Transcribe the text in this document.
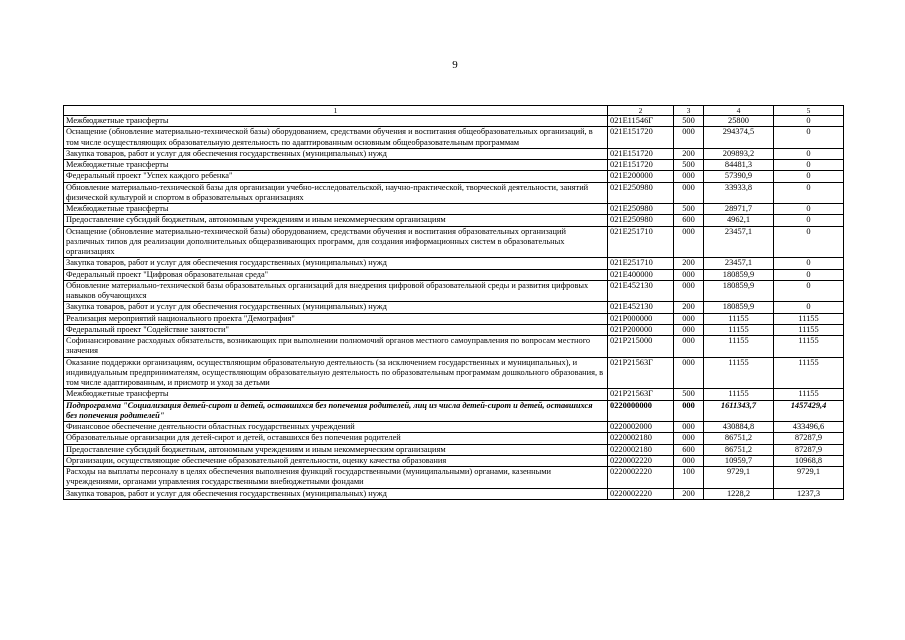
9
1	2	3	4	5
Межбюджетные трансферты	021E11546Г	500	25800	0
Оснащение (обновление материально-технической базы) оборудованием, средствами обучения и воспитания общеобразовательных организаций, в том числе осуществляющих образовательную деятельность по адаптированным основным общеобразовательным программам	021E151720	000	294374,5	0
Закупка товаров, работ и услуг для обеспечения государственных (муниципальных) нужд	021E151720	200	209893,2	0
Межбюджетные трансферты	021E151720	500	84481,3	0
Федеральный проект "Успех каждого ребенка"	021E200000	000	57390,9	0
Обновление материально-технической базы для организации учебно-исследовательской, научно-практической, творческой деятельности, занятий физической культурой и спортом в образовательных организациях	021E250980	000	33933,8	0
Межбюджетные трансферты	021E250980	500	28971,7	0
Предоставление субсидий бюджетным, автономным учреждениям и иным некоммерческим организациям	021E250980	600	4962,1	0
Оснащение (обновление материально-технической базы) оборудованием, средствами обучения и воспитания образовательных организаций различных типов для реализации дополнительных общеразвивающих программ, для создания информационных систем в образовательных организациях	021E251710	000	23457,1	0
Закупка товаров, работ и услуг для обеспечения государственных (муниципальных) нужд	021E251710	200	23457,1	0
Федеральный проект "Цифровая образовательная среда"	021E400000	000	180859,9	0
Обновление материально-технической базы образовательных организаций для внедрения цифровой образовательной среды и развития цифровых навыков обучающихся	021E452130	000	180859,9	0
Закупка товаров, работ и услуг для обеспечения государственных (муниципальных) нужд	021E452130	200	180859,9	0
Реализация мероприятий национального проекта "Демография"	021P000000	000	11155	11155
Федеральный проект "Содействие занятости"	021P200000	000	11155	11155
Софинансирование расходных обязательств, возникающих при выполнении полномочий органов местного самоуправления по вопросам местного значения	021P215000	000	11155	11155
Оказание поддержки организациям, осуществляющим образовательную деятельность (за исключением государственных и муниципальных), и индивидуальным предпринимателям, осуществляющим образовательную деятельность по образовательным программам дошкольного образования, в том числе адаптированным, и присмотр и уход за детьми	021P21563Г	000	11155	11155
Межбюджетные трансферты	021P21563Г	500	11155	11155
Подпрограмма "Социализация детей-сирот и детей, оставшихся без попечения родителей, лиц из числа детей-сирот и детей, оставшихся без попечения родителей"	0220000000	000	1611343,7	1457429,4
Финансовое обеспечение деятельности областных государственных учреждений	0220002000	000	430884,8	433496,6
Образовательные организации для детей-сирот и детей, оставшихся без попечения родителей	0220002180	000	86751,2	87287,9
Предоставление субсидий бюджетным, автономным учреждениям и иным некоммерческим организациям	0220002180	600	86751,2	87287,9
Организации, осуществляющие обеспечение образовательной деятельности, оценку качества образования	0220002220	000	10959,7	10968,8
Расходы на выплаты персоналу в целях обеспечения выполнения функций государственными (муниципальными) органами, казенными учреждениями, органами управления государственными внебюджетными фондами	0220002220	100	9729,1	9729,1
Закупка товаров, работ и услуг для обеспечения государственных (муниципальных) нужд	0220002220	200	1228,2	1237,3
